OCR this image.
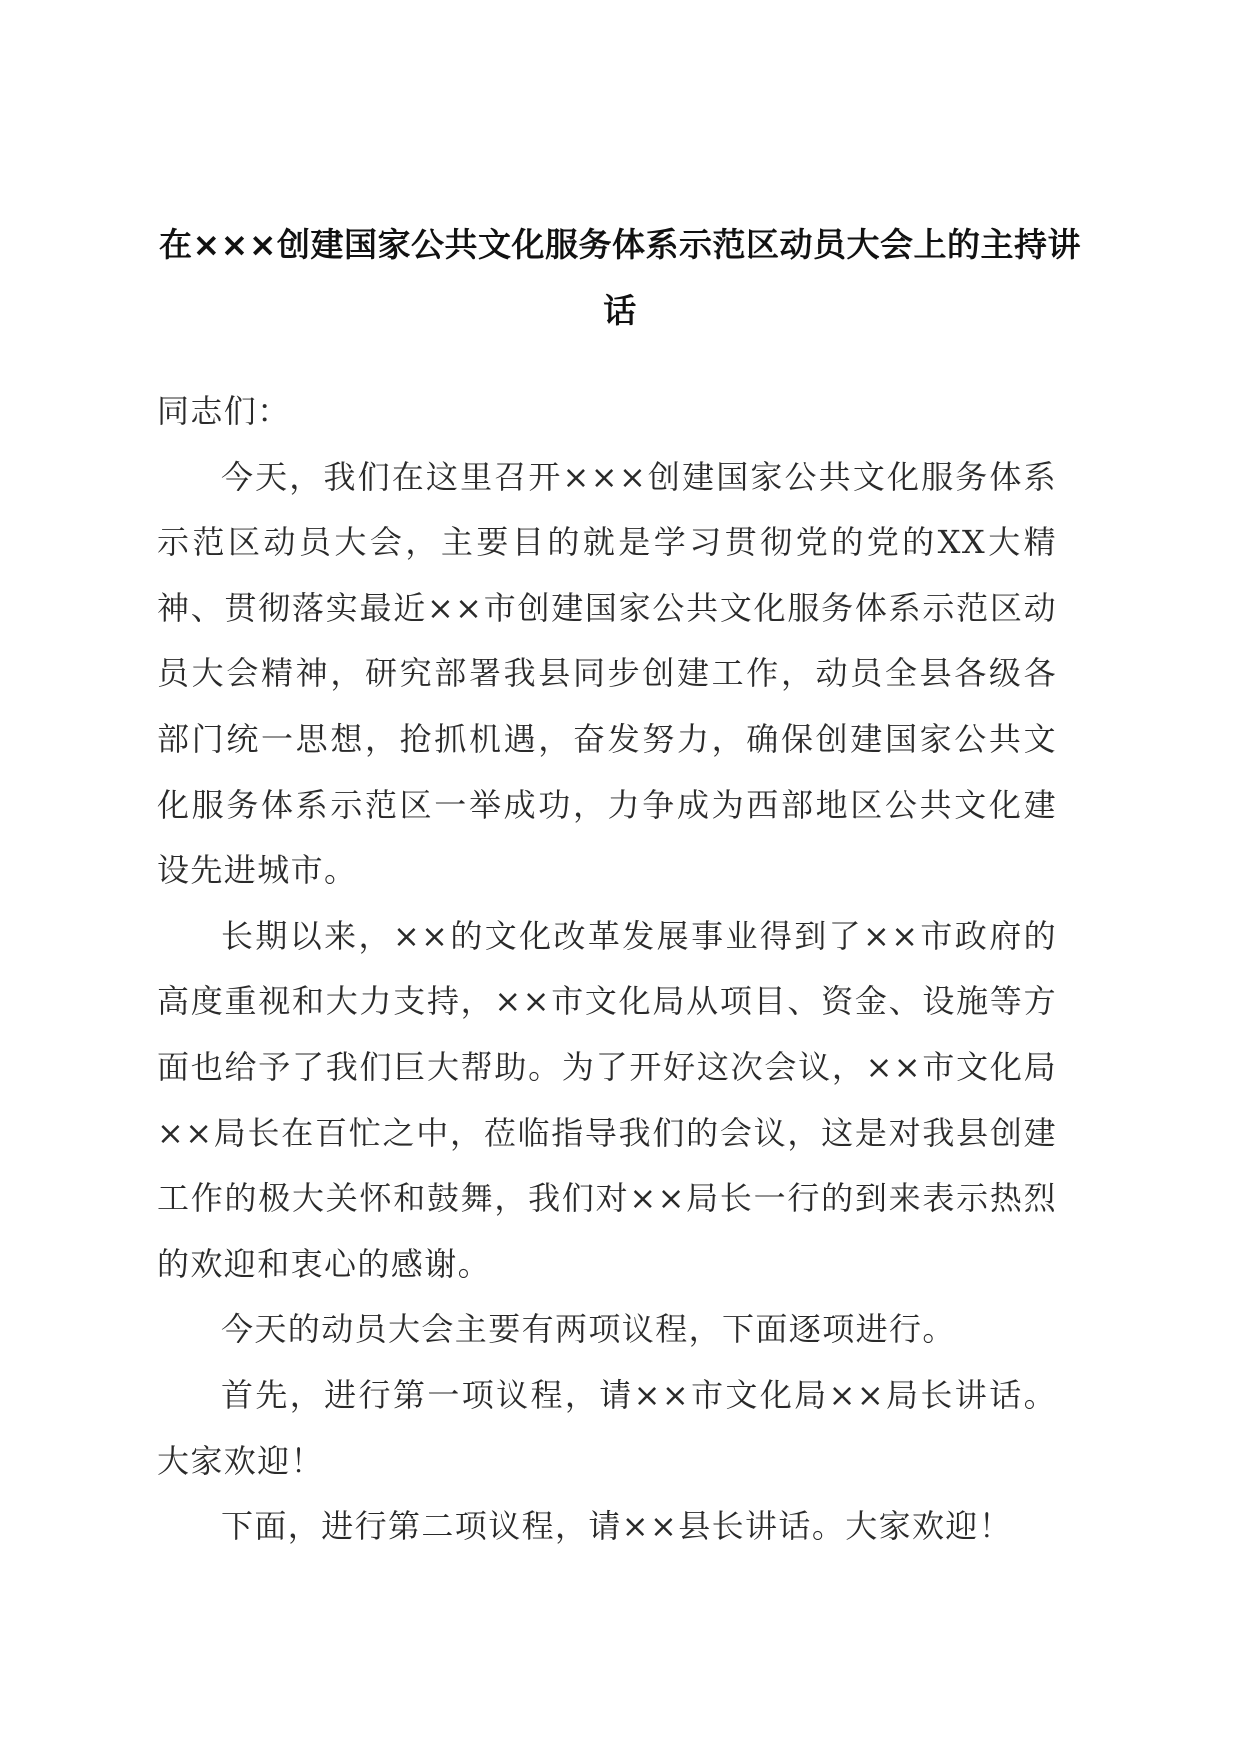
在×××创建国家公共文化服务体系示范区动员大会上的主持讲话

同志们：

今天，我们在这里召开×××创建国家公共文化服务体系示范区动员大会，主要目的就是学习贯彻党的党的XX大精神、贯彻落实最近××市创建国家公共文化服务体系示范区动员大会精神，研究部署我县同步创建工作，动员全县各级各部门统一思想，抢抓机遇，奋发努力，确保创建国家公共文化服务体系示范区一举成功，力争成为西部地区公共文化建设先进城市。

长期以来，××的文化改革发展事业得到了××市政府的高度重视和大力支持，××市文化局从项目、资金、设施等方面也给予了我们巨大帮助。为了开好这次会议，××市文化局××局长在百忙之中，莅临指导我们的会议，这是对我县创建工作的极大关怀和鼓舞，我们对××局长一行的到来表示热烈的欢迎和衷心的感谢。

今天的动员大会主要有两项议程，下面逐项进行。

首先，进行第一项议程，请××市文化局××局长讲话。大家欢迎！

下面，进行第二项议程，请××县长讲话。大家欢迎！
